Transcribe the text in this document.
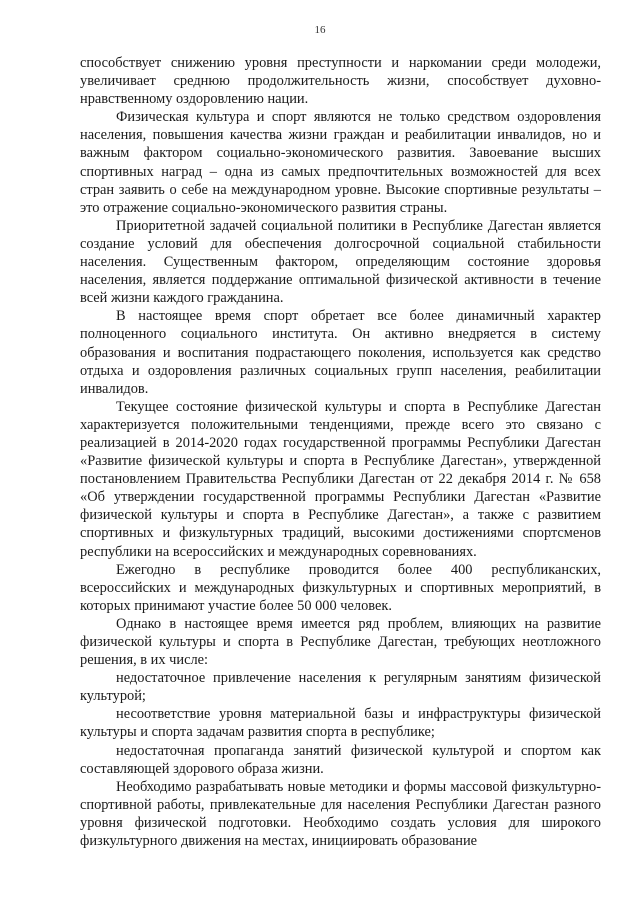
16

способствует снижению уровня преступности и наркомании среди молодежи, увеличивает среднюю продолжительность жизни, способствует духовно-нравственному оздоровлению нации.

Физическая культура и спорт являются не только средством оздоровления населения, повышения качества жизни граждан и реабилитации инвалидов, но и важным фактором социально-экономического развития. Завоевание высших спортивных наград – одна из самых предпочтительных возможностей для всех стран заявить о себе на международном уровне. Высокие спортивные результаты – это отражение социально-экономического развития страны.

Приоритетной задачей социальной политики в Республике Дагестан является создание условий для обеспечения долгосрочной социальной стабильности населения. Существенным фактором, определяющим состояние здоровья населения, является поддержание оптимальной физической активности в течение всей жизни каждого гражданина.

В настоящее время спорт обретает все более динамичный характер полноценного социального института. Он активно внедряется в систему образования и воспитания подрастающего поколения, используется как средство отдыха и оздоровления различных социальных групп населения, реабилитации инвалидов.

Текущее состояние физической культуры и спорта в Республике Дагестан характеризуется положительными тенденциями, прежде всего это связано с реализацией в 2014-2020 годах государственной программы Республики Дагестан «Развитие физической культуры и спорта в Республике Дагестан», утвержденной постановлением Правительства Республики Дагестан от 22 декабря 2014 г. № 658 «Об утверждении государственной программы Республики Дагестан «Развитие физической культуры и спорта в Республике Дагестан», а также с развитием спортивных и физкультурных традиций, высокими достижениями спортсменов республики на всероссийских и международных соревнованиях.

Ежегодно в республике проводится более 400 республиканских, всероссийских и международных физкультурных и спортивных мероприятий, в которых принимают участие более 50 000 человек.

Однако в настоящее время имеется ряд проблем, влияющих на развитие физической культуры и спорта в Республике Дагестан, требующих неотложного решения, в их числе:

недостаточное привлечение населения к регулярным занятиям физической культурой;

несоответствие уровня материальной базы и инфраструктуры физической культуры и спорта задачам развития спорта в республике;

недостаточная пропаганда занятий физической культурой и спортом как составляющей здорового образа жизни.

Необходимо разрабатывать новые методики и формы массовой физкультурно-спортивной работы, привлекательные для населения Республики Дагестан разного уровня физической подготовки. Необходимо создать условия для широкого физкультурного движения на местах, инициировать образование
